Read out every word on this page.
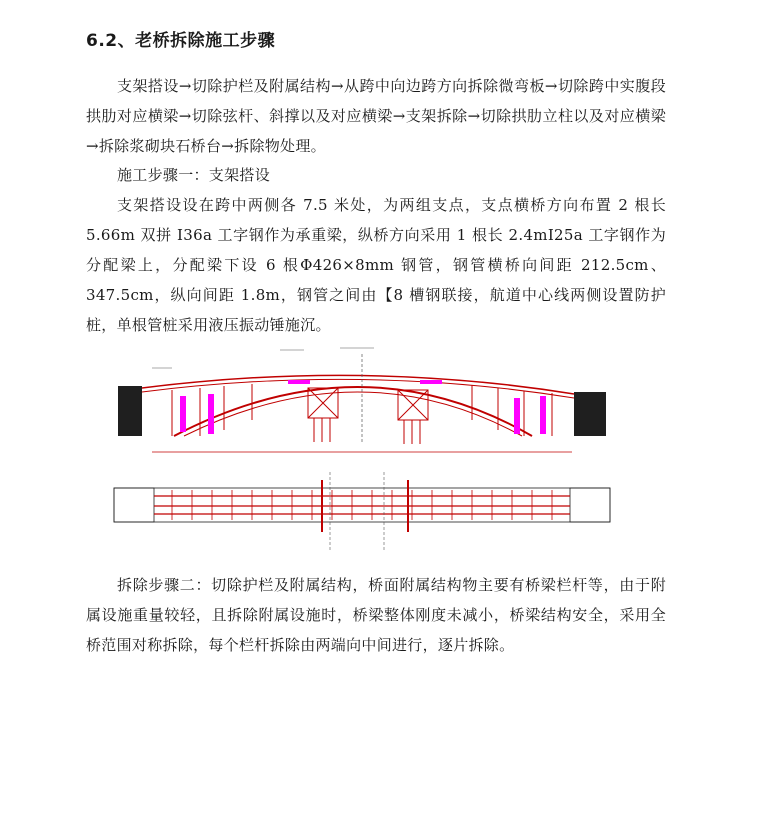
6.2、老桥拆除施工步骤

支架搭设→切除护栏及附属结构→从跨中向边跨方向拆除微弯板→切除跨中实腹段拱肋对应横梁→切除弦杆、斜撑以及对应横梁→支架拆除→切除拱肋立柱以及对应横梁→拆除浆砌块石桥台→拆除物处理。

施工步骤一：支架搭设

支架搭设设在跨中两侧各 7.5 米处，为两组支点，支点横桥方向布置 2 根长 5.66m 双拼 I36a 工字钢作为承重梁，纵桥方向采用 1 根长 2.4mI25a 工字钢作为分配梁上，分配梁下设 6 根Φ426×8mm 钢管，钢管横桥向间距 212.5cm、347.5cm，纵向间距 1.8m，钢管之间由【8 槽钢联接，航道中心线两侧设置防护桩，单根管桩采用液压振动锤施沉。

拆除步骤二：切除护栏及附属结构，桥面附属结构物主要有桥梁栏杆等，由于附属设施重量较轻，且拆除附属设施时，桥梁整体刚度未减小，桥梁结构安全，采用全桥范围对称拆除，每个栏杆拆除由两端向中间进行，逐片拆除。
